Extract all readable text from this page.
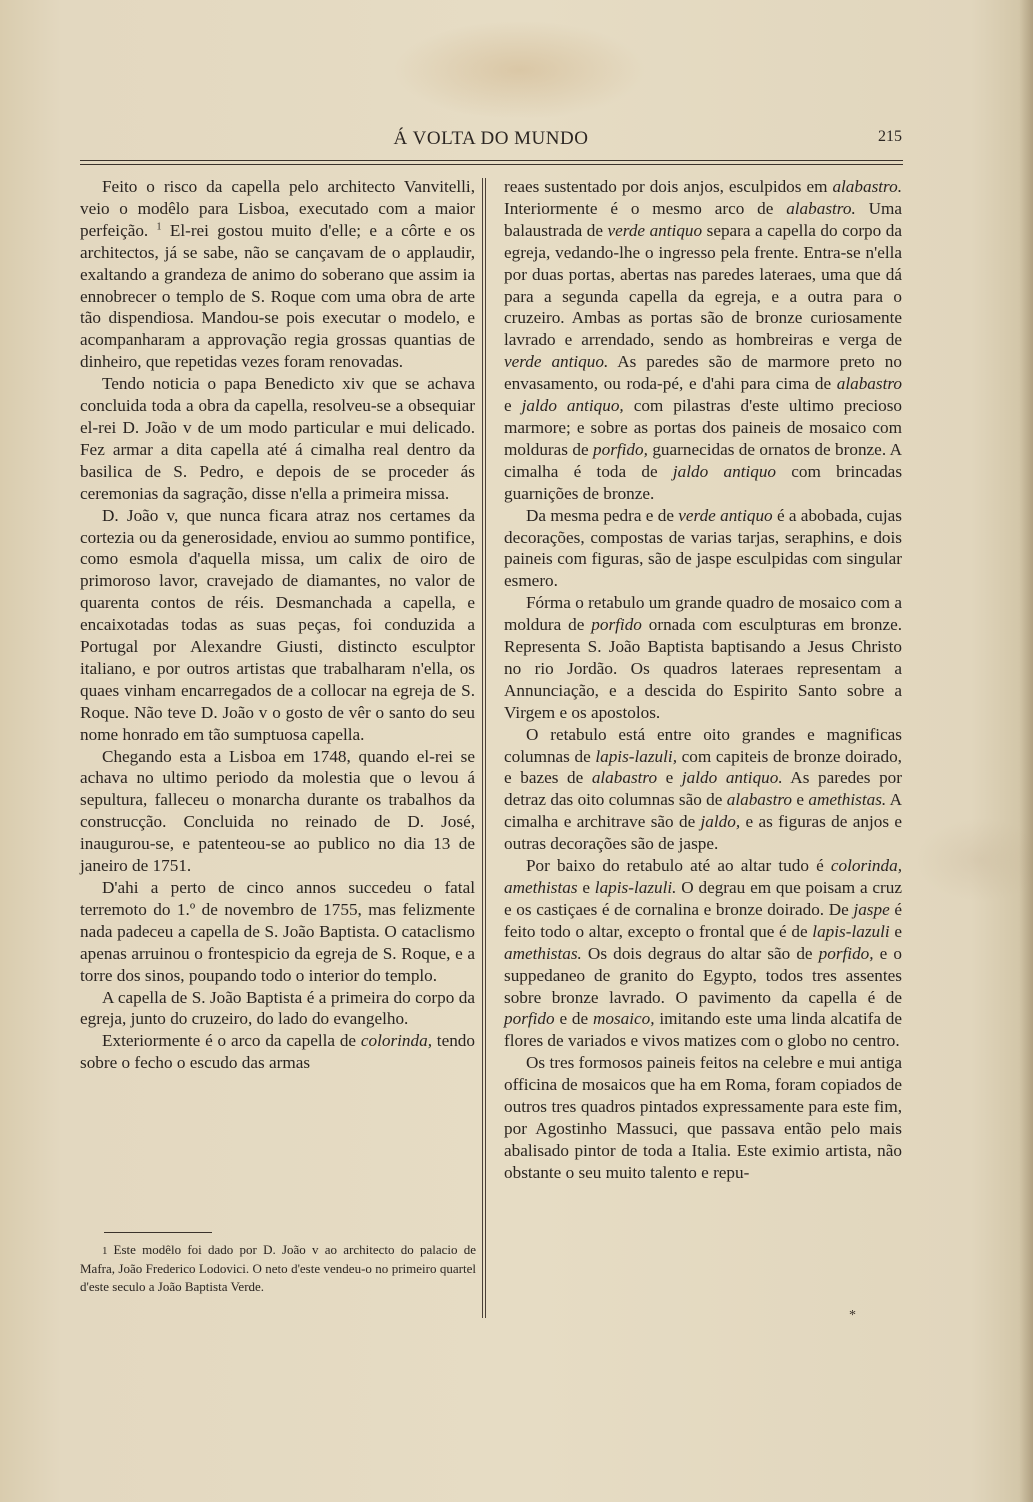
Á VOLTA DO MUNDO	215

Feito o risco da capella pelo architecto Vanvitelli, veio o modêlo para Lisboa, executado com a maior perfeição. $^1$ El-rei gostou muito d'elle; e a côrte e os architectos, já se sabe, não se cançavam de o applaudir, exaltando a grandeza de animo do soberano que assim ia ennobrecer o templo de S. Roque com uma obra de arte tão dispendiosa. Mandou-se pois executar o modelo, e acompanharam a approvação regia grossas quantias de dinheiro, que repetidas vezes foram renovadas.

Tendo noticia o papa Benedicto xiv que se achava concluida toda a obra da capella, resolveu-se a obsequiar el-rei D. João v de um modo particular e mui delicado. Fez armar a dita capella até á cimalha real dentro da basilica de S. Pedro, e depois de se proceder ás ceremonias da sagração, disse n'ella a primeira missa.

D. João v, que nunca ficara atraz nos certames da cortezia ou da generosidade, enviou ao summo pontifice, como esmola d'aquella missa, um calix de oiro de primoroso lavor, cravejado de diamantes, no valor de quarenta contos de réis. Desmanchada a capella, e encaixotadas todas as suas peças, foi conduzida a Portugal por Alexandre Giusti, distincto esculptor italiano, e por outros artistas que trabalharam n'ella, os quaes vinham encarregados de a collocar na egreja de S. Roque. Não teve D. João v o gosto de vêr o santo do seu nome honrado em tão sumptuosa capella.

Chegando esta a Lisboa em 1748, quando el-rei se achava no ultimo periodo da molestia que o levou á sepultura, falleceu o monarcha durante os trabalhos da construcção. Concluida no reinado de D. José, inaugurou-se, e patenteou-se ao publico no dia 13 de janeiro de 1751.

D'ahi a perto de cinco annos succedeu o fatal terremoto do 1.º de novembro de 1755, mas felizmente nada padeceu a capella de S. João Baptista. O cataclismo apenas arruinou o frontespicio da egreja de S. Roque, e a torre dos sinos, poupando todo o interior do templo.

A capella de S. João Baptista é a primeira do corpo da egreja, junto do cruzeiro, do lado do evangelho.

Exteriormente é o arco da capella de colorinda, tendo sobre o fecho o escudo das armas

1 Este modêlo foi dado por D. João v ao architecto do palacio de Mafra, João Frederico Lodovici. O neto d'este vendeu-o no primeiro quartel d'este seculo a João Baptista Verde.

reaes sustentado por dois anjos, esculpidos em alabastro. Interiormente é o mesmo arco de alabastro. Uma balaustrada de verde antiquo separa a capella do corpo da egreja, vedando-lhe o ingresso pela frente. Entra-se n'ella por duas portas, abertas nas paredes lateraes, uma que dá para a segunda capella da egreja, e a outra para o cruzeiro. Ambas as portas são de bronze curiosamente lavrado e arrendado, sendo as hombreiras e verga de verde antiquo. As paredes são de marmore preto no envasamento, ou roda-pé, e d'ahi para cima de alabastro e jaldo antiquo, com pilastras d'este ultimo precioso marmore; e sobre as portas dos paineis de mosaico com molduras de porfido, guarnecidas de ornatos de bronze. A cimalha é toda de jaldo antiquo com brincadas guarnições de bronze.

Da mesma pedra e de verde antiquo é a abobada, cujas decorações, compostas de varias tarjas, seraphins, e dois paineis com figuras, são de jaspe esculpidas com singular esmero.

Fórma o retabulo um grande quadro de mosaico com a moldura de porfido ornada com esculpturas em bronze. Representa S. João Baptista baptisando a Jesus Christo no rio Jordão. Os quadros lateraes representam a Annunciação, e a descida do Espirito Santo sobre a Virgem e os apostolos.

O retabulo está entre oito grandes e magnificas columnas de lapis-lazuli, com capiteis de bronze doirado, e bazes de alabastro e jaldo antiquo. As paredes por detraz das oito columnas são de alabastro e amethistas. A cimalha e architrave são de jaldo, e as figuras de anjos e outras decorações são de jaspe.

Por baixo do retabulo até ao altar tudo é colorinda, amethistas e lapis-lazuli. O degrau em que poisam a cruz e os castiçaes é de cornalina e bronze doirado. De jaspe é feito todo o altar, excepto o frontal que é de lapis-lazuli e amethistas. Os dois degraus do altar são de porfido, e o suppedaneo de granito do Egypto, todos tres assentes sobre bronze lavrado. O pavimento da capella é de porfido e de mosaico, imitando este uma linda alcatifa de flores de variados e vivos matizes com o globo no centro.

Os tres formosos paineis feitos na celebre e mui antiga officina de mosaicos que ha em Roma, foram copiados de outros tres quadros pintados expressamente para este fim, por Agostinho Massuci, que passava então pelo mais abalisado pintor de toda a Italia. Este eximio artista, não obstante o seu muito talento e repu-

*
